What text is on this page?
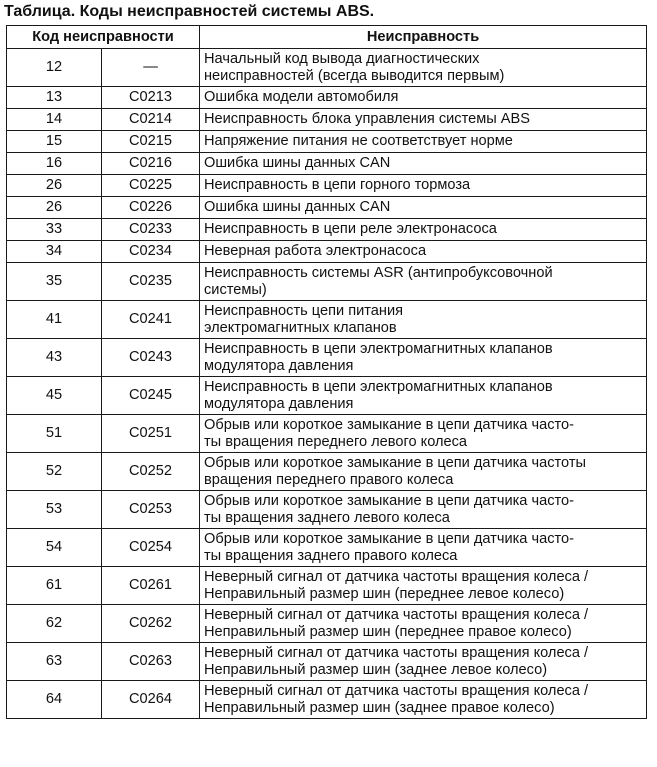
Таблица. Коды неисправностей системы ABS.
Код неисправности		Неисправность
12	—	Начальный код вывода диагностических
неисправностей (всегда выводится первым)

13	C0213	Ошибка модели автомобиля

14	C0214	Неисправность блока управления системы ABS

15	C0215	Напряжение питания не соответствует норме

16	C0216	Ошибка шины данных CAN

26	C0225	Неисправность в цепи горного тормоза

26	C0226	Ошибка шины данных CAN

33	C0233	Неисправность в цепи реле электронасоса

34	C0234	Неверная работа электронасоса

35	C0235	Неисправность системы ASR (антипробуксовочной
системы)

41	C0241	Неисправность цепи питания
электромагнитных клапанов

43	C0243	Неисправность в цепи электромагнитных клапанов
модулятора давления

45	C0245	Неисправность в цепи электромагнитных клапанов
модулятора давления

51	C0251	Обрыв или короткое замыкание в цепи датчика часто-
ты вращения переднего левого колеса

52	C0252	Обрыв или короткое замыкание в цепи датчика частоты
вращения переднего правого колеса

53	C0253	Обрыв или короткое замыкание в цепи датчика часто-
ты вращения заднего левого колеса

54	C0254	Обрыв или короткое замыкание в цепи датчика часто-
ты вращения заднего правого колеса

61	C0261	Неверный сигнал от датчика частоты вращения колеса /
Неправильный размер шин (переднее левое колесо)

62	C0262	Неверный сигнал от датчика частоты вращения колеса /
Неправильный размер шин (переднее правое колесо)

63	C0263	Неверный сигнал от датчика частоты вращения колеса /
Неправильный размер шин (заднее левое колесо)

64	C0264	Неверный сигнал от датчика частоты вращения колеса /
Неправильный размер шин (заднее правое колесо)
